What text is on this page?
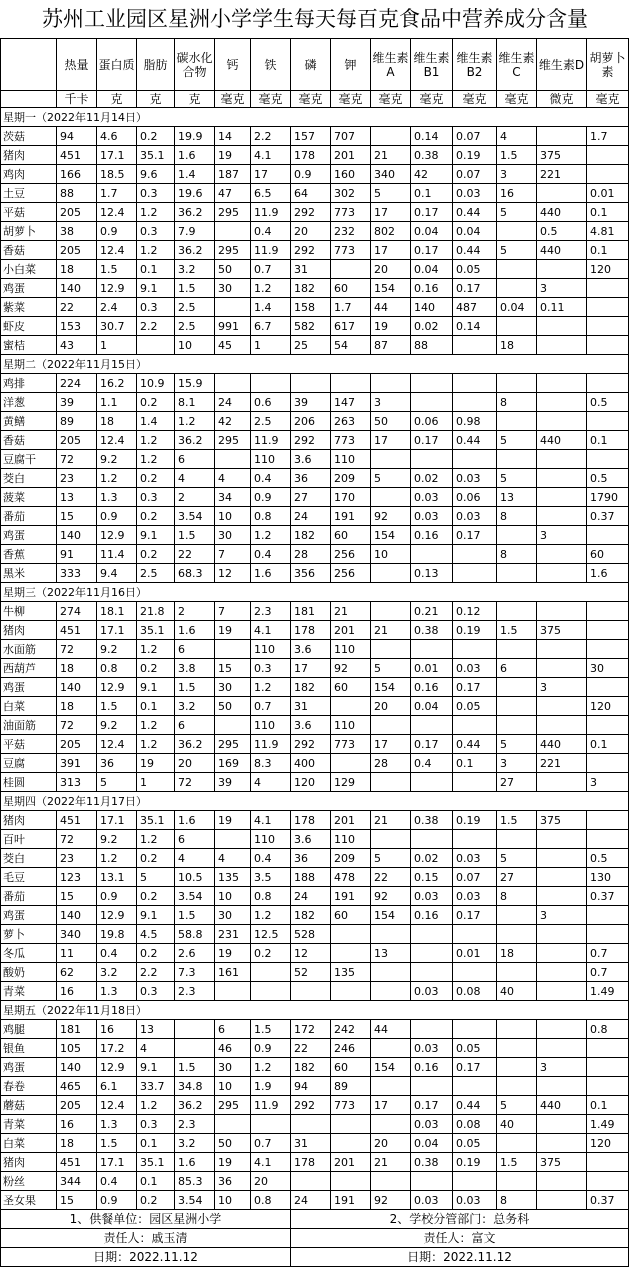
苏州工业园区星洲小学学生每天每百克食品中营养成分含量
	热量	蛋白质	脂肪	碳水化合物	钙	铁	磷	钾	维生素A	维生素B1	维生素B2	维生素C	维生素D	胡萝卜素
	千卡	克	克	克	毫克	毫克	毫克	毫克	毫克	毫克	毫克	毫克	微克	毫克
星期一（2022年11月14日）														
茨菇	94	4.6	0.2	19.9	14	2.2	157	707		0.14	0.07	4		1.7
猪肉	451	17.1	35.1	1.6	19	4.1	178	201	21	0.38	0.19	1.5	375	
鸡肉	166	18.5	9.6	1.4	187	17	0.9	160	340	42	0.07	3	221	
土豆	88	1.7	0.3	19.6	47	6.5	64	302	5	0.1	0.03	16		0.01
平菇	205	12.4	1.2	36.2	295	11.9	292	773	17	0.17	0.44	5	440	0.1
胡萝卜	38	0.9	0.3	7.9		0.4	20	232	802	0.04	0.04		0.5	4.81
香菇	205	12.4	1.2	36.2	295	11.9	292	773	17	0.17	0.44	5	440	0.1
小白菜	18	1.5	0.1	3.2	50	0.7	31		20	0.04	0.05			120
鸡蛋	140	12.9	9.1	1.5	30	1.2	182	60	154	0.16	0.17		3	
紫菜	22	2.4	0.3	2.5		1.4	158	1.7	44	140	487	0.04	0.11	
虾皮	153	30.7	2.2	2.5	991	6.7	582	617	19	0.02	0.14			
蜜桔	43	1		10	45	1	25	54	87	88		18		
星期二（2022年11月15日）														
鸡排	224	16.2	10.9	15.9										
洋葱	39	1.1	0.2	8.1	24	0.6	39	147	3			8		0.5
黄鳝	89	18	1.4	1.2	42	2.5	206	263	50	0.06	0.98			
香菇	205	12.4	1.2	36.2	295	11.9	292	773	17	0.17	0.44	5	440	0.1
豆腐干	72	9.2	1.2	6		110	3.6	110						
茭白	23	1.2	0.2	4	4	0.4	36	209	5	0.02	0.03	5		0.5
菠菜	13	1.3	0.3	2	34	0.9	27	170		0.03	0.06	13		1790
番茄	15	0.9	0.2	3.54	10	0.8	24	191	92	0.03	0.03	8		0.37
鸡蛋	140	12.9	9.1	1.5	30	1.2	182	60	154	0.16	0.17		3	
香蕉	91	11.4	0.2	22	7	0.4	28	256	10			8		60
黑米	333	9.4	2.5	68.3	12	1.6	356	256		0.13				1.6
星期三（2022年11月16日）														
牛柳	274	18.1	21.8	2	7	2.3	181	21		0.21	0.12			
猪肉	451	17.1	35.1	1.6	19	4.1	178	201	21	0.38	0.19	1.5	375	
水面筋	72	9.2	1.2	6		110	3.6	110						
西葫芦	18	0.8	0.2	3.8	15	0.3	17	92	5	0.01	0.03	6		30
鸡蛋	140	12.9	9.1	1.5	30	1.2	182	60	154	0.16	0.17		3	
白菜	18	1.5	0.1	3.2	50	0.7	31		20	0.04	0.05			120
油面筋	72	9.2	1.2	6		110	3.6	110						
平菇	205	12.4	1.2	36.2	295	11.9	292	773	17	0.17	0.44	5	440	0.1
豆腐	391	36	19	20	169	8.3	400		28	0.4	0.1	3	221	
桂圆	313	5	1	72	39	4	120	129				27		3
星期四（2022年11月17日）														
猪肉	451	17.1	35.1	1.6	19	4.1	178	201	21	0.38	0.19	1.5	375	
百叶	72	9.2	1.2	6		110	3.6	110						
茭白	23	1.2	0.2	4	4	0.4	36	209	5	0.02	0.03	5		0.5
毛豆	123	13.1	5	10.5	135	3.5	188	478	22	0.15	0.07	27		130
番茄	15	0.9	0.2	3.54	10	0.8	24	191	92	0.03	0.03	8		0.37
鸡蛋	140	12.9	9.1	1.5	30	1.2	182	60	154	0.16	0.17		3	
萝卜	340	19.8	4.5	58.8	231	12.5	528							
冬瓜	11	0.4	0.2	2.6	19	0.2	12		13		0.01	18		0.7
酸奶	62	3.2	2.2	7.3	161		52	135						0.7
青菜	16	1.3	0.3	2.3						0.03	0.08	40		1.49
星期五（2022年11月18日）														
鸡腿	181	16	13		6	1.5	172	242	44					0.8
银鱼	105	17.2	4		46	0.9	22	246		0.03	0.05			
鸡蛋	140	12.9	9.1	1.5	30	1.2	182	60	154	0.16	0.17		3	
春卷	465	6.1	33.7	34.8	10	1.9	94	89						
蘑菇	205	12.4	1.2	36.2	295	11.9	292	773	17	0.17	0.44	5	440	0.1
青菜	16	1.3	0.3	2.3						0.03	0.08	40		1.49
白菜	18	1.5	0.1	3.2	50	0.7	31		20	0.04	0.05			120
猪肉	451	17.1	35.1	1.6	19	4.1	178	201	21	0.38	0.19	1.5	375	
粉丝	344	0.4	0.1	85.3	36	20								
圣女果	15	0.9	0.2	3.54	10	0.8	24	191	92	0.03	0.03	8		0.37
1、供餐单位：园区星洲小学							2、学校分管部门：总务科							
责任人：戚玉清							责任人：富文							
日期：2022.11.12							日期：2022.11.12							
